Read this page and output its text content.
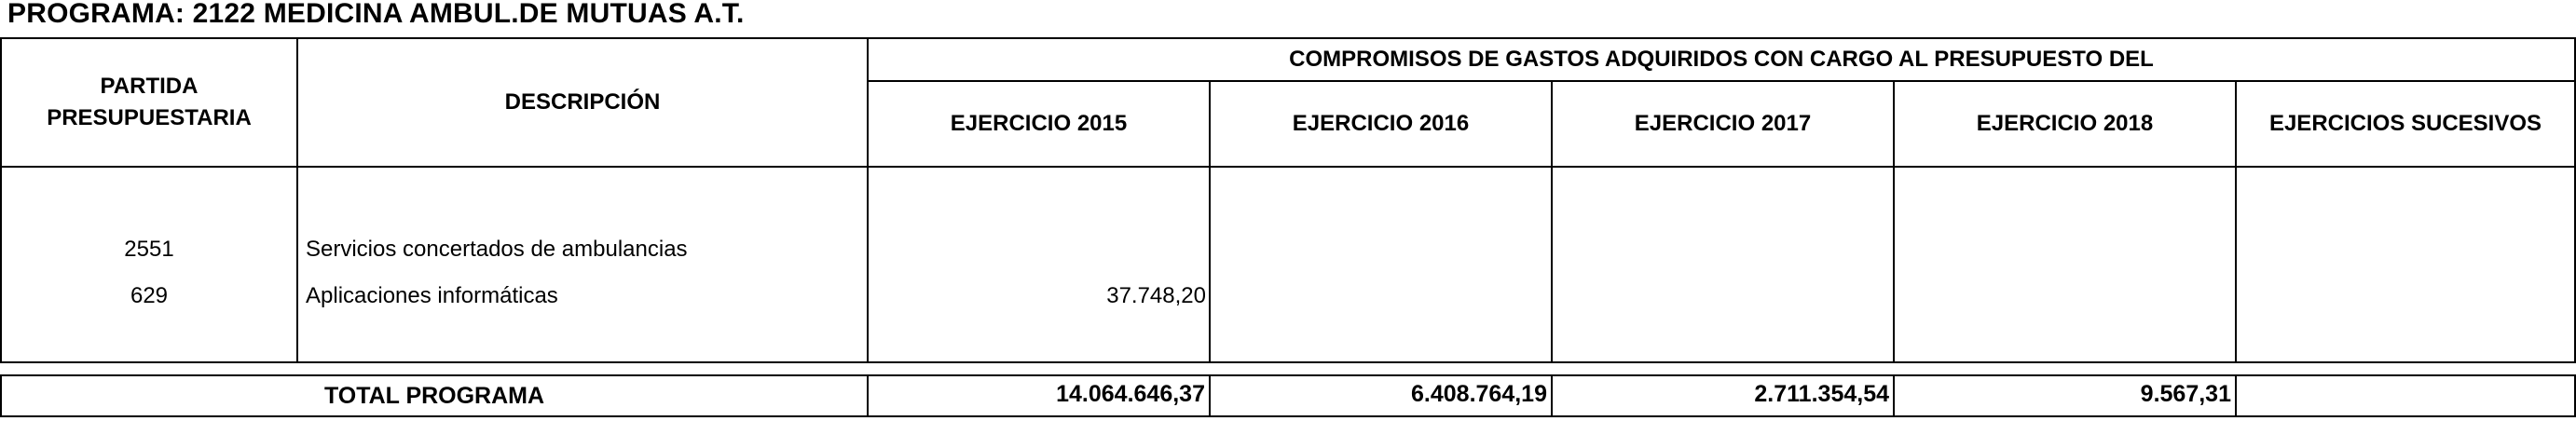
PROGRAMA: 2122 MEDICINA AMBUL.DE MUTUAS A.T.
PARTIDA PRESUPUESTARIA
DESCRIPCIÓN
COMPROMISOS DE GASTOS ADQUIRIDOS CON CARGO AL PRESUPUESTO DEL
EJERCICIO 2015	EJERCICIO 2016	EJERCICIO 2017	EJERCICIO 2018	EJERCICIOS SUCESIVOS
2551	Servicios concertados de ambulancias
629	Aplicaciones informáticas	37.748,20
TOTAL PROGRAMA	14.064.646,37	6.408.764,19	2.711.354,54	9.567,31
